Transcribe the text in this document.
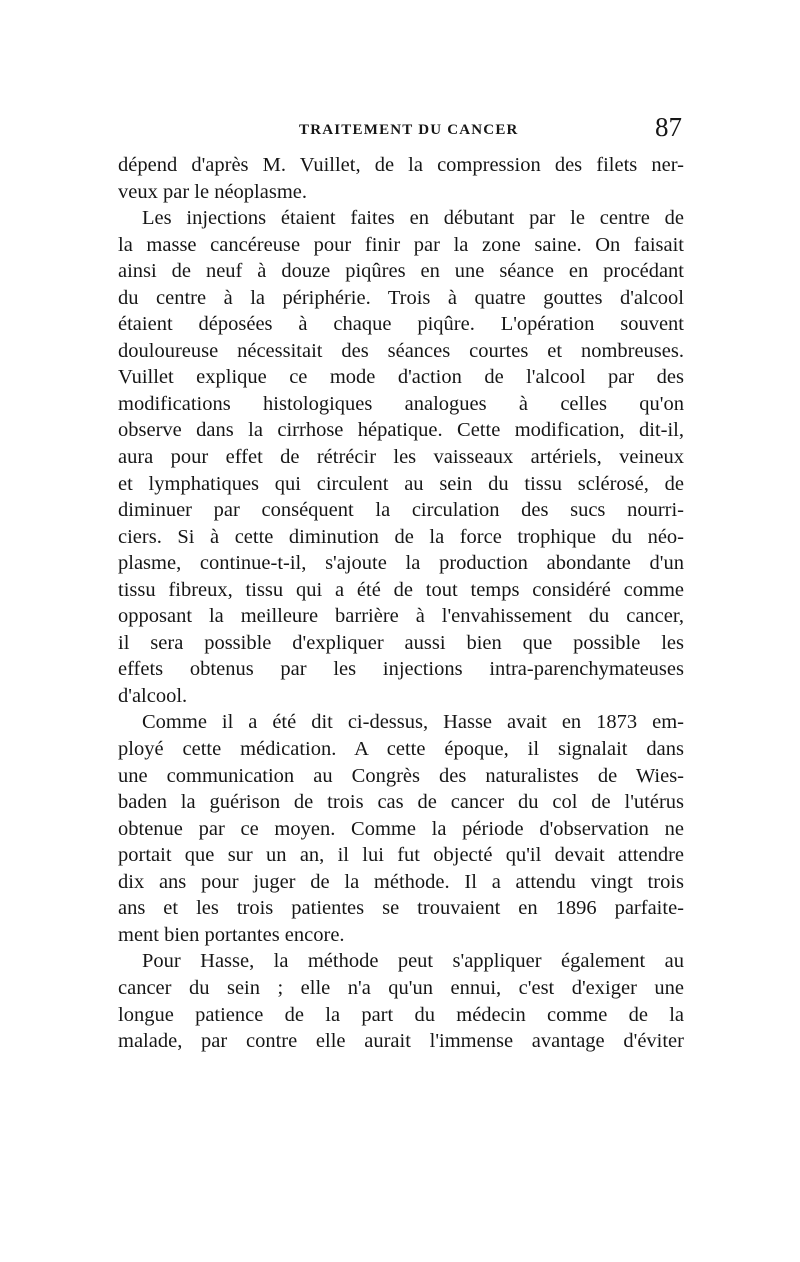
TRAITEMENT DU CANCER	87
dépend d'après M. Vuillet, de la compression des filets ner-
veux par le néoplasme.
Les injections étaient faites en débutant par le centre de
la masse cancéreuse pour finir par la zone saine. On faisait
ainsi de neuf à douze piqûres en une séance en procédant
du centre à la périphérie. Trois à quatre gouttes d'alcool
étaient déposées à chaque piqûre. L'opération souvent
douloureuse nécessitait des séances courtes et nombreuses.
Vuillet explique ce mode d'action de l'alcool par des
modifications histologiques analogues à celles qu'on
observe dans la cirrhose hépatique. Cette modification, dit-il,
aura pour effet de rétrécir les vaisseaux artériels, veineux
et lymphatiques qui circulent au sein du tissu sclérosé, de
diminuer par conséquent la circulation des sucs nourri-
ciers. Si à cette diminution de la force trophique du néo-
plasme, continue-t-il, s'ajoute la production abondante d'un
tissu fibreux, tissu qui a été de tout temps considéré comme
opposant la meilleure barrière à l'envahissement du cancer,
il sera possible d'expliquer aussi bien que possible les
effets obtenus par les injections intra-parenchymateuses
d'alcool.
Comme il a été dit ci-dessus, Hasse avait en 1873 em-
ployé cette médication. A cette époque, il signalait dans
une communication au Congrès des naturalistes de Wies-
baden la guérison de trois cas de cancer du col de l'utérus
obtenue par ce moyen. Comme la période d'observation ne
portait que sur un an, il lui fut objecté qu'il devait attendre
dix ans pour juger de la méthode. Il a attendu vingt trois
ans et les trois patientes se trouvaient en 1896 parfaite-
ment bien portantes encore.
Pour Hasse, la méthode peut s'appliquer également au
cancer du sein ; elle n'a qu'un ennui, c'est d'exiger une
longue patience de la part du médecin comme de la
malade, par contre elle aurait l'immense avantage d'éviter
